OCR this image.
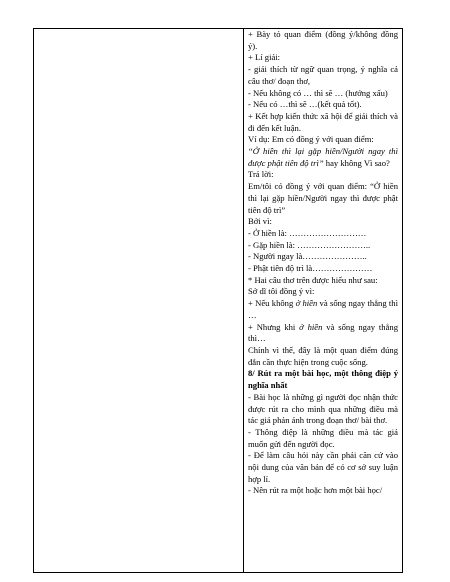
+ Bày tỏ quan điểm (đồng ý/không đồng ý).

+ Lí giải:

- giải thích từ ngữ quan trọng, ý nghĩa cả câu thơ/ đoạn thơ,

- Nếu không có … thì sẽ … (hướng xấu)

- Nếu có …thì sẽ …(kết quả tốt).

+ Kết hợp kiến thức xã hội để giải thích và đi đến kết luận.

Ví dụ: Em có đồng ý với quan điểm:

“Ở hiền thì lại gặp hiền/Người ngay thì được phật tiên độ trì” hay không Vì sao?

Trả lời:

Em/tôi có đồng ý với quan điểm: “Ở hiền thì lại gặp hiền/Người ngay thì được phật tiên độ trì”

Bởi vì:

- Ở hiền là: ………………………

- Gặp hiền là: ……………………..

- Người ngay là…………………..

- Phật tiên độ trì là…………………

* Hai câu thơ trên được hiểu như sau:

Sở dĩ tôi đồng ý vì:

+ Nếu không ở hiền và sống ngay thẳng thì …

+ Nhưng khi ở hiền và sống ngay thẳng thì…

Chính vì thế, đây là một quan điểm đúng đắn cần thực hiện trong cuộc sống.

8/ Rút ra một bài học, một thông điệp ý nghĩa nhất

- Bài học là những gì người đọc nhận thức được rút ra cho mình qua những điều mà tác giả phản ánh trong đoạn thơ/ bài thơ.

- Thông điệp là những điều mà tác giả muốn gửi đến người đọc.

- Để làm câu hỏi này cần phải căn cứ vào nội dung của văn bản để có cơ sở suy luận hợp lí.

- Nên rút ra một hoặc hơn một bài học/
